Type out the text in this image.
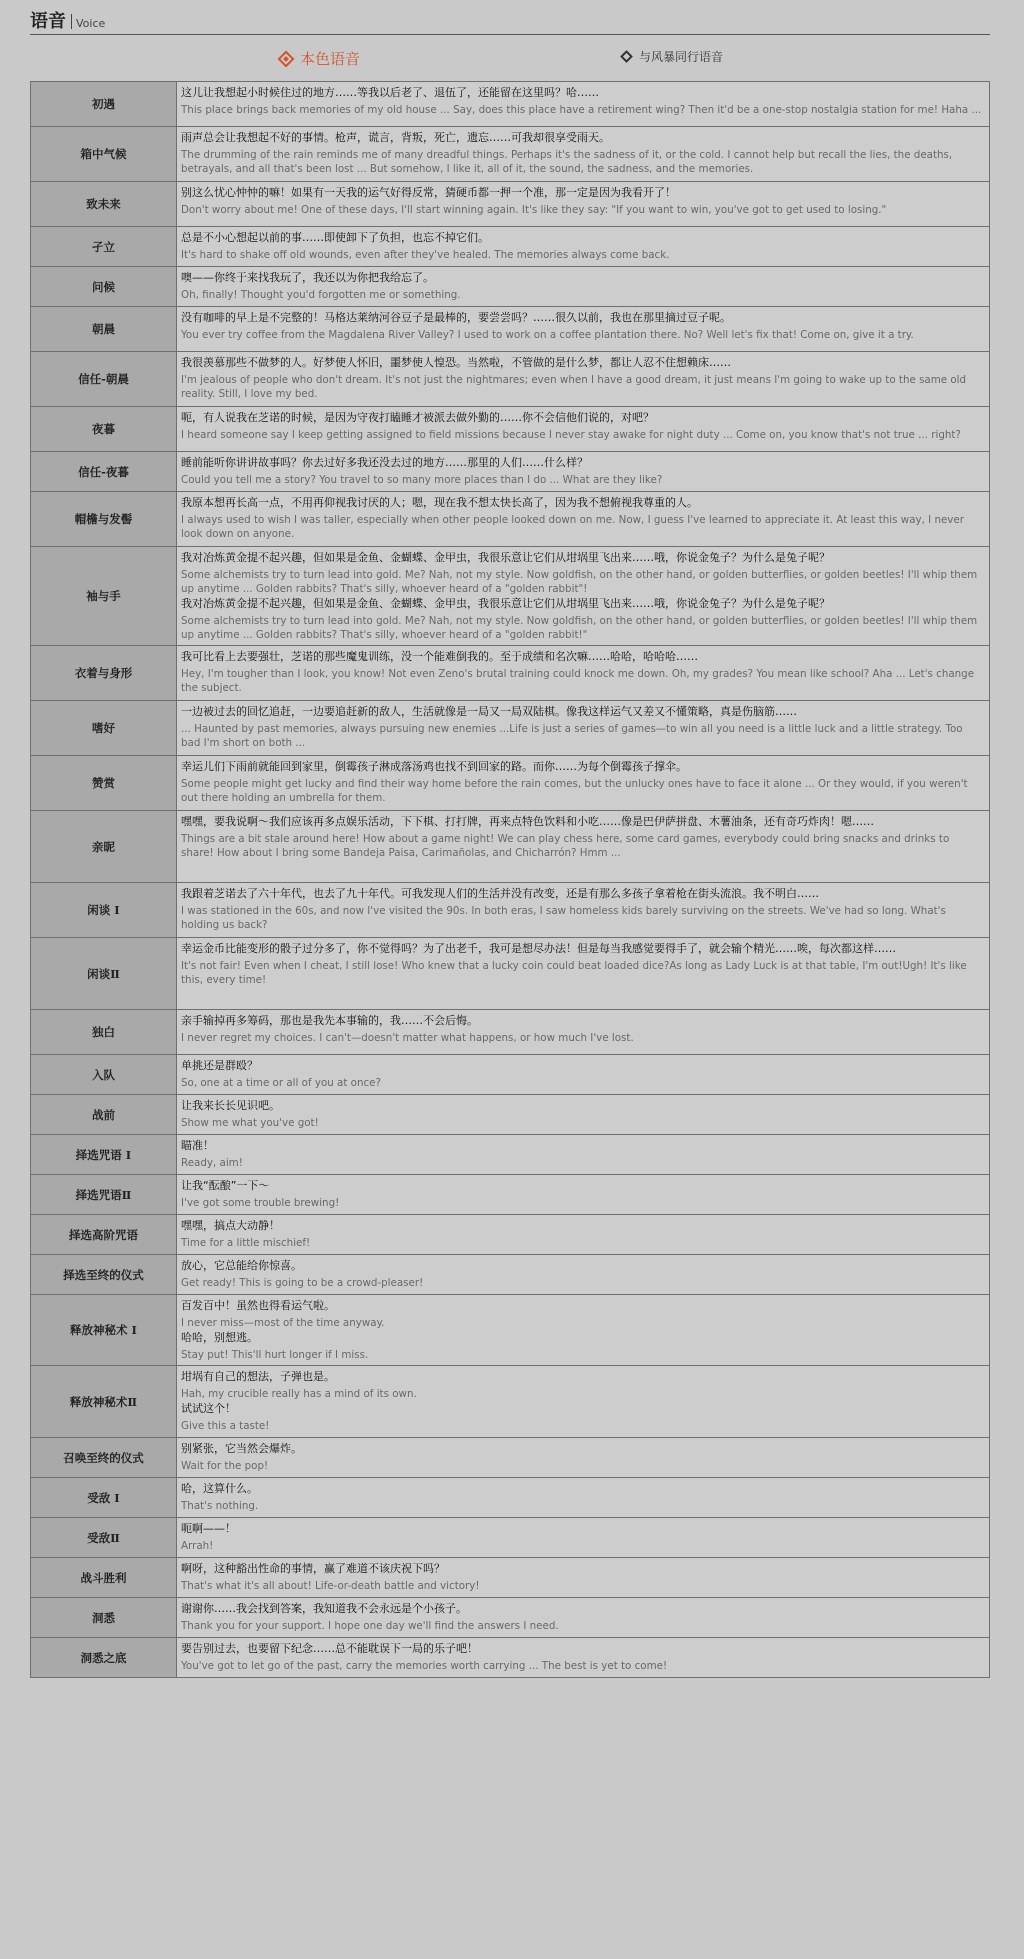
语音 Voice
本色语音	与风暴同行语音
初遇	这儿让我想起小时候住过的地方……等我以后老了、退伍了，还能留在这里吗？哈……
This place brings back memories of my old house ... Say, does this place have a retirement wing? Then it'd be a one-stop nostalgia station for me! Haha ...

箱中气候	雨声总会让我想起不好的事情。枪声，谎言，背叛，死亡，遗忘……可我却很享受雨天。
The drumming of the rain reminds me of many dreadful things. Perhaps it's the sadness of it, or the cold. I cannot help but recall the lies, the deaths, betrayals, and all that's been lost ... But somehow, I like it, all of it, the sound, the sadness, and the memories.

致未来	别这么忧心忡忡的嘛！如果有一天我的运气好得反常，猜硬币都一押一个准，那一定是因为我看开了！
Don't worry about me! One of these days, I'll start winning again. It's like they say: "If you want to win, you've got to get used to losing."

孑立	总是不小心想起以前的事……即使卸下了负担，也忘不掉它们。
It's hard to shake off old wounds, even after they've healed. The memories always come back.

问候	噢——你终于来找我玩了，我还以为你把我给忘了。
Oh, finally! Thought you'd forgotten me or something.

朝晨	没有咖啡的早上是不完整的！马格达莱纳河谷豆子是最棒的，要尝尝吗？……很久以前，我也在那里摘过豆子呢。
You ever try coffee from the Magdalena River Valley? I used to work on a coffee plantation there. No? Well let's fix that! Come on, give it a try.

信任-朝晨	我很羡慕那些不做梦的人。好梦使人怀旧，噩梦使人惶恐。当然啦，不管做的是什么梦，都让人忍不住想赖床……
I'm jealous of people who don't dream. It's not just the nightmares; even when I have a good dream, it just means I'm going to wake up to the same old reality. Still, I love my bed.

夜暮	呃，有人说我在芝诺的时候，是因为守夜打瞌睡才被派去做外勤的……你不会信他们说的，对吧？
I heard someone say I keep getting assigned to field missions because I never stay awake for night duty ... Come on, you know that's not true ... right?

信任-夜暮	睡前能听你讲讲故事吗？你去过好多我还没去过的地方……那里的人们……什么样？
Could you tell me a story? You travel to so many more places than I do ... What are they like?

帽檐与发髻	我原本想再长高一点，不用再仰视我讨厌的人；嗯，现在我不想太快长高了，因为我不想俯视我尊重的人。
I always used to wish I was taller, especially when other people looked down on me. Now, I guess I've learned to appreciate it. At least this way, I never look down on anyone.

袖与手	我对冶炼黄金提不起兴趣，但如果是金鱼、金蝴蝶、金甲虫，我很乐意让它们从坩埚里飞出来……哦，你说金兔子？为什么是兔子呢？
Some alchemists try to turn lead into gold. Me? Nah, not my style. Now goldfish, on the other hand, or golden butterflies, or golden beetles! I'll whip them up anytime ... Golden rabbits? That's silly, whoever heard of a "golden rabbit"!
我对冶炼黄金提不起兴趣，但如果是金鱼、金蝴蝶、金甲虫，我很乐意让它们从坩埚里飞出来……哦，你说金兔子？为什么是兔子呢？
Some alchemists try to turn lead into gold. Me? Nah, not my style. Now goldfish, on the other hand, or golden butterflies, or golden beetles! I'll whip them up anytime ... Golden rabbits? That's silly, whoever heard of a "golden rabbit!"

衣着与身形	我可比看上去要强壮，芝诺的那些魔鬼训练，没一个能难倒我的。至于成绩和名次嘛……哈哈，哈哈哈……
Hey, I'm tougher than I look, you know! Not even Zeno's brutal training could knock me down. Oh, my grades? You mean like school? Aha ... Let's change the subject.

嗜好	一边被过去的回忆追赶，一边要追赶新的敌人，生活就像是一局又一局双陆棋。像我这样运气又差又不懂策略，真是伤脑筋……
... Haunted by past memories, always pursuing new enemies ...Life is just a series of games—to win all you need is a little luck and a little strategy. Too bad I'm short on both ...

赞赏	幸运儿们下雨前就能回到家里，倒霉孩子淋成落汤鸡也找不到回家的路。而你……为每个倒霉孩子撑伞。
Some people might get lucky and find their way home before the rain comes, but the unlucky ones have to face it alone ... Or they would, if you weren't out there holding an umbrella for them.

亲昵	嘿嘿，要我说啊～我们应该再多点娱乐活动，下下棋、打打牌，再来点特色饮料和小吃……像是巴伊萨拼盘、木薯油条，还有奇巧炸肉！嗯……
Things are a bit stale around here! How about a game night! We can play chess here, some card games, everybody could bring snacks and drinks to share! How about I bring some Bandeja Paisa, Carimañolas, and Chicharrón? Hmm ...

闲谈 I	我跟着芝诺去了六十年代，也去了九十年代。可我发现人们的生活并没有改变，还是有那么多孩子拿着枪在街头流浪。我不明白……
I was stationed in the 60s, and now I've visited the 90s. In both eras, I saw homeless kids barely surviving on the streets. We've had so long. What's holding us back?

闲谈Ⅱ	幸运金币比能变形的骰子过分多了，你不觉得吗？为了出老千，我可是想尽办法！但是每当我感觉要得手了，就会输个精光……唉，每次都这样……
It's not fair! Even when I cheat, I still lose! Who knew that a lucky coin could beat loaded dice?As long as Lady Luck is at that table, I'm out!Ugh! It's like this, every time!

独白	亲手输掉再多筹码，那也是我先本事输的，我……不会后悔。
I never regret my choices. I can't—doesn't matter what happens, or how much I've lost.

入队	单挑还是群殴？
So, one at a time or all of you at once?

战前	让我来长长见识吧。
Show me what you've got!

择选咒语 I	瞄准！
Ready, aim!

择选咒语Ⅱ	让我“酝酿”一下～
I've got some trouble brewing!

择选高阶咒语	嘿嘿，搞点大动静！
Time for a little mischief!

择选至终的仪式	放心，它总能给你惊喜。
Get ready! This is going to be a crowd-pleaser!

释放神秘术 I	百发百中！虽然也得看运气啦。
I never miss—most of the time anyway.
哈哈，别想逃。
Stay put! This'll hurt longer if I miss.

释放神秘术Ⅱ	坩埚有自己的想法，子弹也是。
Hah, my crucible really has a mind of its own.
试试这个！
Give this a taste!

召唤至终的仪式	别紧张，它当然会爆炸。
Wait for the pop!

受敌 I	哈，这算什么。
That's nothing.

受敌Ⅱ	呃啊——！
Arrah!

战斗胜利	啊呀，这种豁出性命的事情，赢了难道不该庆祝下吗？
That's what it's all about! Life-or-death battle and victory!

洞悉	谢谢你……我会找到答案，我知道我不会永远是个小孩子。
Thank you for your support. I hope one day we'll find the answers I need.

洞悉之底	要告别过去，也要留下纪念……总不能耽误下一局的乐子吧！
You've got to let go of the past, carry the memories worth carrying ... The best is yet to come!
